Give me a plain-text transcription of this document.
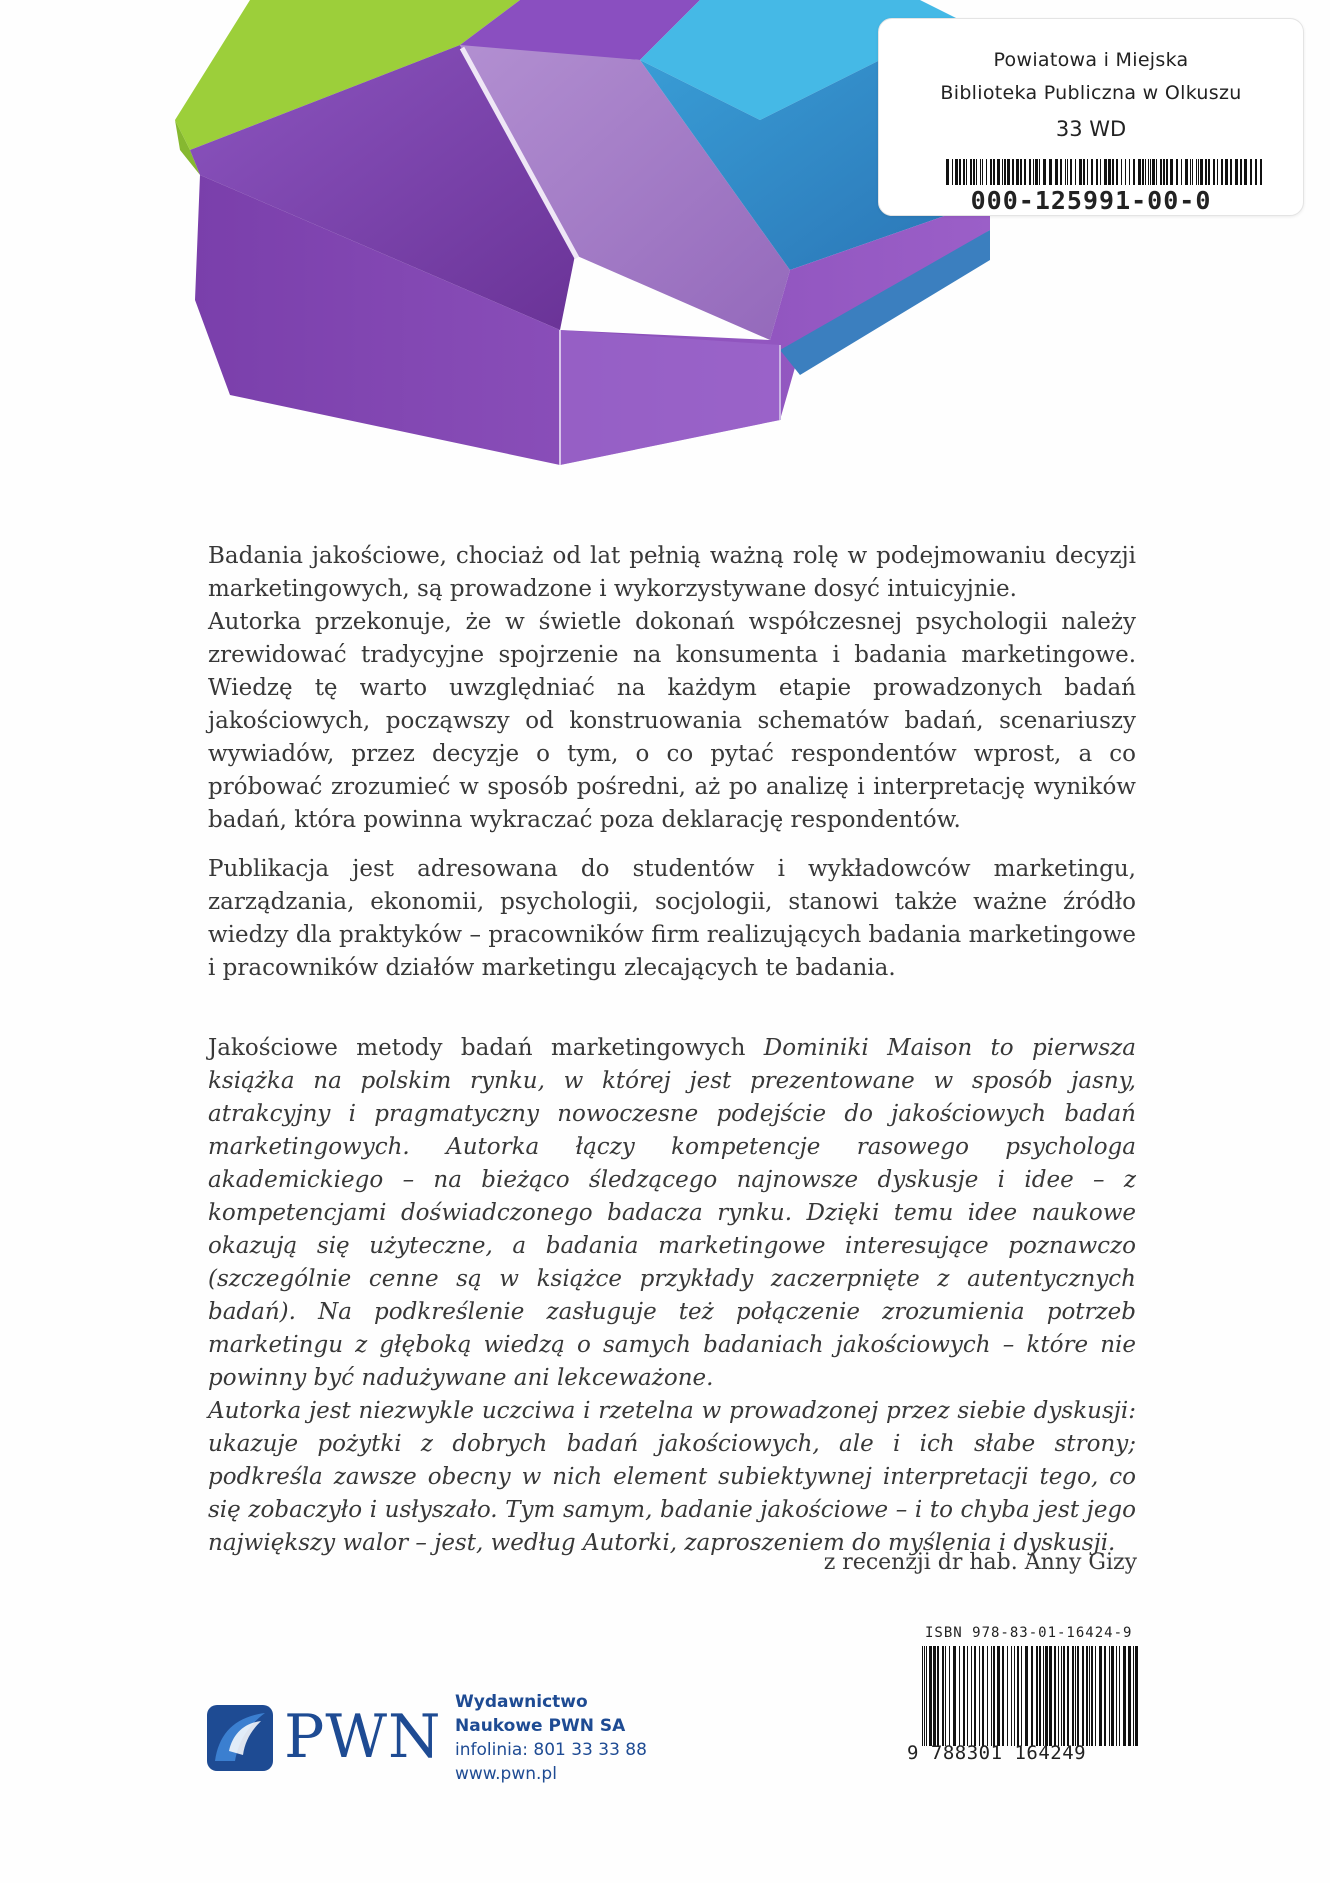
Powiatowa i Miejska
Biblioteka Publiczna w Olkuszu
33 WD
000-125991-00-0

Badania jakościowe, chociaż od lat pełnią ważną rolę w podejmowaniu decyzji marketingowych, są prowadzone i wykorzystywane dosyć intuicyjnie.

Autorka przekonuje, że w świetle dokonań współczesnej psychologii należy zrewidować tradycyjne spojrzenie na konsumenta i badania marketingowe. Wiedzę tę warto uwzględniać na każdym etapie prowadzonych badań jakościowych, począwszy od konstruowania schematów badań, scenariuszy wywiadów, przez decyzje o tym, o co pytać respondentów wprost, a co próbować zrozumieć w sposób pośredni, aż po analizę i interpretację wyników badań, która powinna wykraczać poza deklarację respondentów.

Publikacja jest adresowana do studentów i wykładowców marketingu, zarządzania, ekonomii, psychologii, socjologii, stanowi także ważne źródło wiedzy dla praktyków – pracowników firm realizujących badania marketingowe i pracowników działów marketingu zlecających te badania.

Jakościowe metody badań marketingowych Dominiki Maison to pierwsza książka na polskim rynku, w której jest prezentowane w sposób jasny, atrakcyjny i pragmatyczny nowoczesne podejście do jakościowych badań marketingowych. Autorka łączy kompetencje rasowego psychologa akademickiego – na bieżąco śledzącego najnowsze dyskusje i idee – z kompetencjami doświadczonego badacza rynku. Dzięki temu idee naukowe okazują się użyteczne, a badania marketingowe interesujące poznawczo (szczególnie cenne są w książce przykłady zaczerpnięte z autentycznych badań). Na podkreślenie zasługuje też połączenie zrozumienia potrzeb marketingu z głęboką wiedzą o samych badaniach jakościowych – które nie powinny być nadużywane ani lekceważone.

Autorka jest niezwykle uczciwa i rzetelna w prowadzonej przez siebie dyskusji: ukazuje pożytki z dobrych badań jakościowych, ale i ich słabe strony; podkreśla zawsze obecny w nich element subiektywnej interpretacji tego, co się zobaczyło i usłyszało. Tym samym, badanie jakościowe – i to chyba jest jego największy walor – jest, według Autorki, zaproszeniem do myślenia i dyskusji.

z recenzji dr hab. Anny Gizy
ISBN 978-83-01-16424-9
9 788301 164249
PWN Wydawnictwo
Naukowe PWN SA
infolinia: 801 33 33 88
www.pwn.pl
